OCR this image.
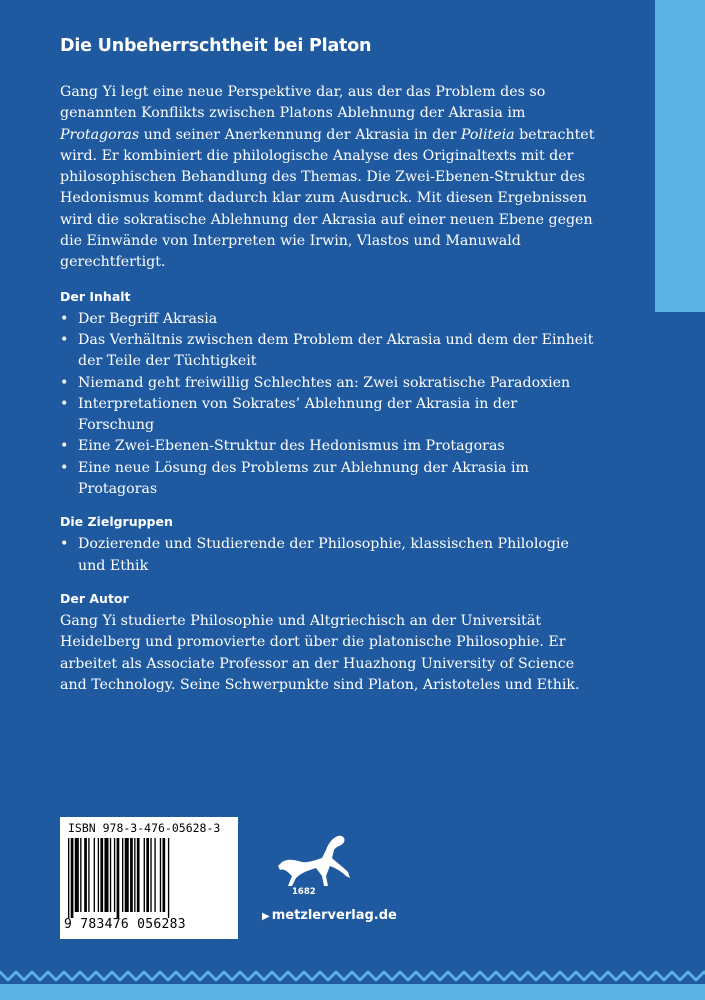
Die Unbeherrschtheit bei Platon

Gang Yi legt eine neue Perspektive dar, aus der das Problem des so genannten Konflikts zwischen Platons Ablehnung der Akrasia im Protagoras und seiner Anerkennung der Akrasia in der Politeia betrachtet wird. Er kombiniert die philologische Analyse des Originaltexts mit der philosophischen Behandlung des Themas. Die Zwei-Ebenen-Struktur des Hedonismus kommt dadurch klar zum Ausdruck. Mit diesen Ergebnissen wird die sokratische Ablehnung der Akrasia auf einer neuen Ebene gegen die Einwände von Interpreten wie Irwin, Vlastos und Manuwald gerechtfertigt.

Der Inhalt
• Der Begriff Akrasia
• Das Verhältnis zwischen dem Problem der Akrasia und dem der Einheit der Teile der Tüchtigkeit
• Niemand geht freiwillig Schlechtes an: Zwei sokratische Paradoxien
• Interpretationen von Sokrates’ Ablehnung der Akrasia in der Forschung
• Eine Zwei-Ebenen-Struktur des Hedonismus im Protagoras
• Eine neue Lösung des Problems zur Ablehnung der Akrasia im Protagoras
Die Zielgruppen
• Dozierende und Studierende der Philosophie, klassischen Philologie und Ethik
Der Autor

Gang Yi studierte Philosophie und Altgriechisch an der Universität Heidelberg und promovierte dort über die platonische Philosophie. Er arbeitet als Associate Professor an der Huazhong University of Science and Technology. Seine Schwerpunkte sind Platon, Aristoteles und Ethik.

ISBN 978-3-476-05628-3
9 783476 056283
1682
▶ metzlerverlag.de
